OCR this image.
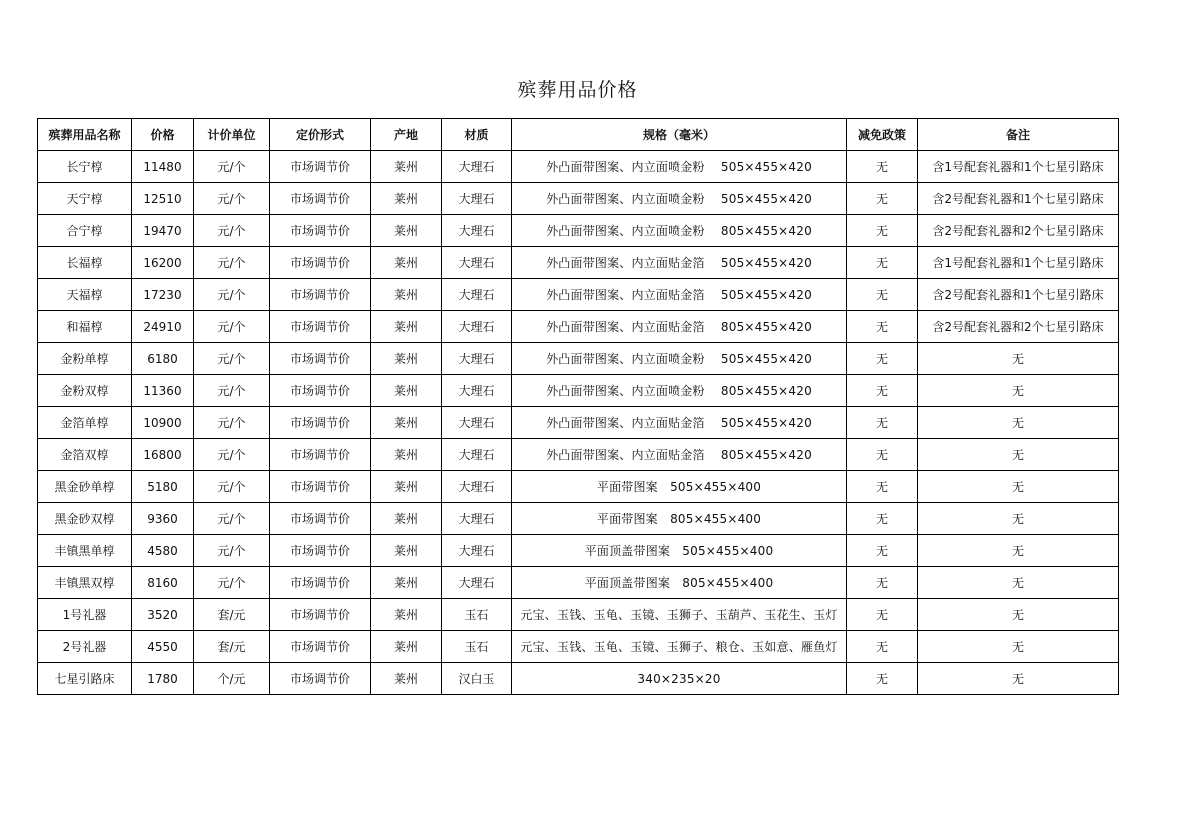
殡葬用品价格
殡葬用品名称	价格	计价单位	定价形式	产地	材质	规格（毫米）	减免政策	备注
长宁椁	11480	元/个	市场调节价	莱州	大理石	外凸面带图案、内立面喷金粉　 505×455×420	无	含1号配套礼器和1个七星引路床
天宁椁	12510	元/个	市场调节价	莱州	大理石	外凸面带图案、内立面喷金粉　 505×455×420	无	含2号配套礼器和1个七星引路床
合宁椁	19470	元/个	市场调节价	莱州	大理石	外凸面带图案、内立面喷金粉　 805×455×420	无	含2号配套礼器和2个七星引路床
长福椁	16200	元/个	市场调节价	莱州	大理石	外凸面带图案、内立面贴金箔　 505×455×420	无	含1号配套礼器和1个七星引路床
天福椁	17230	元/个	市场调节价	莱州	大理石	外凸面带图案、内立面贴金箔　 505×455×420	无	含2号配套礼器和1个七星引路床
和福椁	24910	元/个	市场调节价	莱州	大理石	外凸面带图案、内立面贴金箔　 805×455×420	无	含2号配套礼器和2个七星引路床
金粉单椁	6180	元/个	市场调节价	莱州	大理石	外凸面带图案、内立面喷金粉　 505×455×420	无	无
金粉双椁	11360	元/个	市场调节价	莱州	大理石	外凸面带图案、内立面喷金粉　 805×455×420	无	无
金箔单椁	10900	元/个	市场调节价	莱州	大理石	外凸面带图案、内立面贴金箔　 505×455×420	无	无
金箔双椁	16800	元/个	市场调节价	莱州	大理石	外凸面带图案、内立面贴金箔　 805×455×420	无	无
黑金砂单椁	5180	元/个	市场调节价	莱州	大理石	平面带图案　505×455×400	无	无
黑金砂双椁	9360	元/个	市场调节价	莱州	大理石	平面带图案　805×455×400	无	无
丰镇黑单椁	4580	元/个	市场调节价	莱州	大理石	平面顶盖带图案　505×455×400	无	无
丰镇黑双椁	8160	元/个	市场调节价	莱州	大理石	平面顶盖带图案　805×455×400	无	无
1号礼器	3520	套/元	市场调节价	莱州	玉石	元宝、玉钱、玉龟、玉镜、玉狮子、玉葫芦、玉花生、玉灯	无	无
2号礼器	4550	套/元	市场调节价	莱州	玉石	元宝、玉钱、玉龟、玉镜、玉狮子、粮仓、玉如意、雁鱼灯	无	无
七星引路床	1780	个/元	市场调节价	莱州	汉白玉	340×235×20	无	无
